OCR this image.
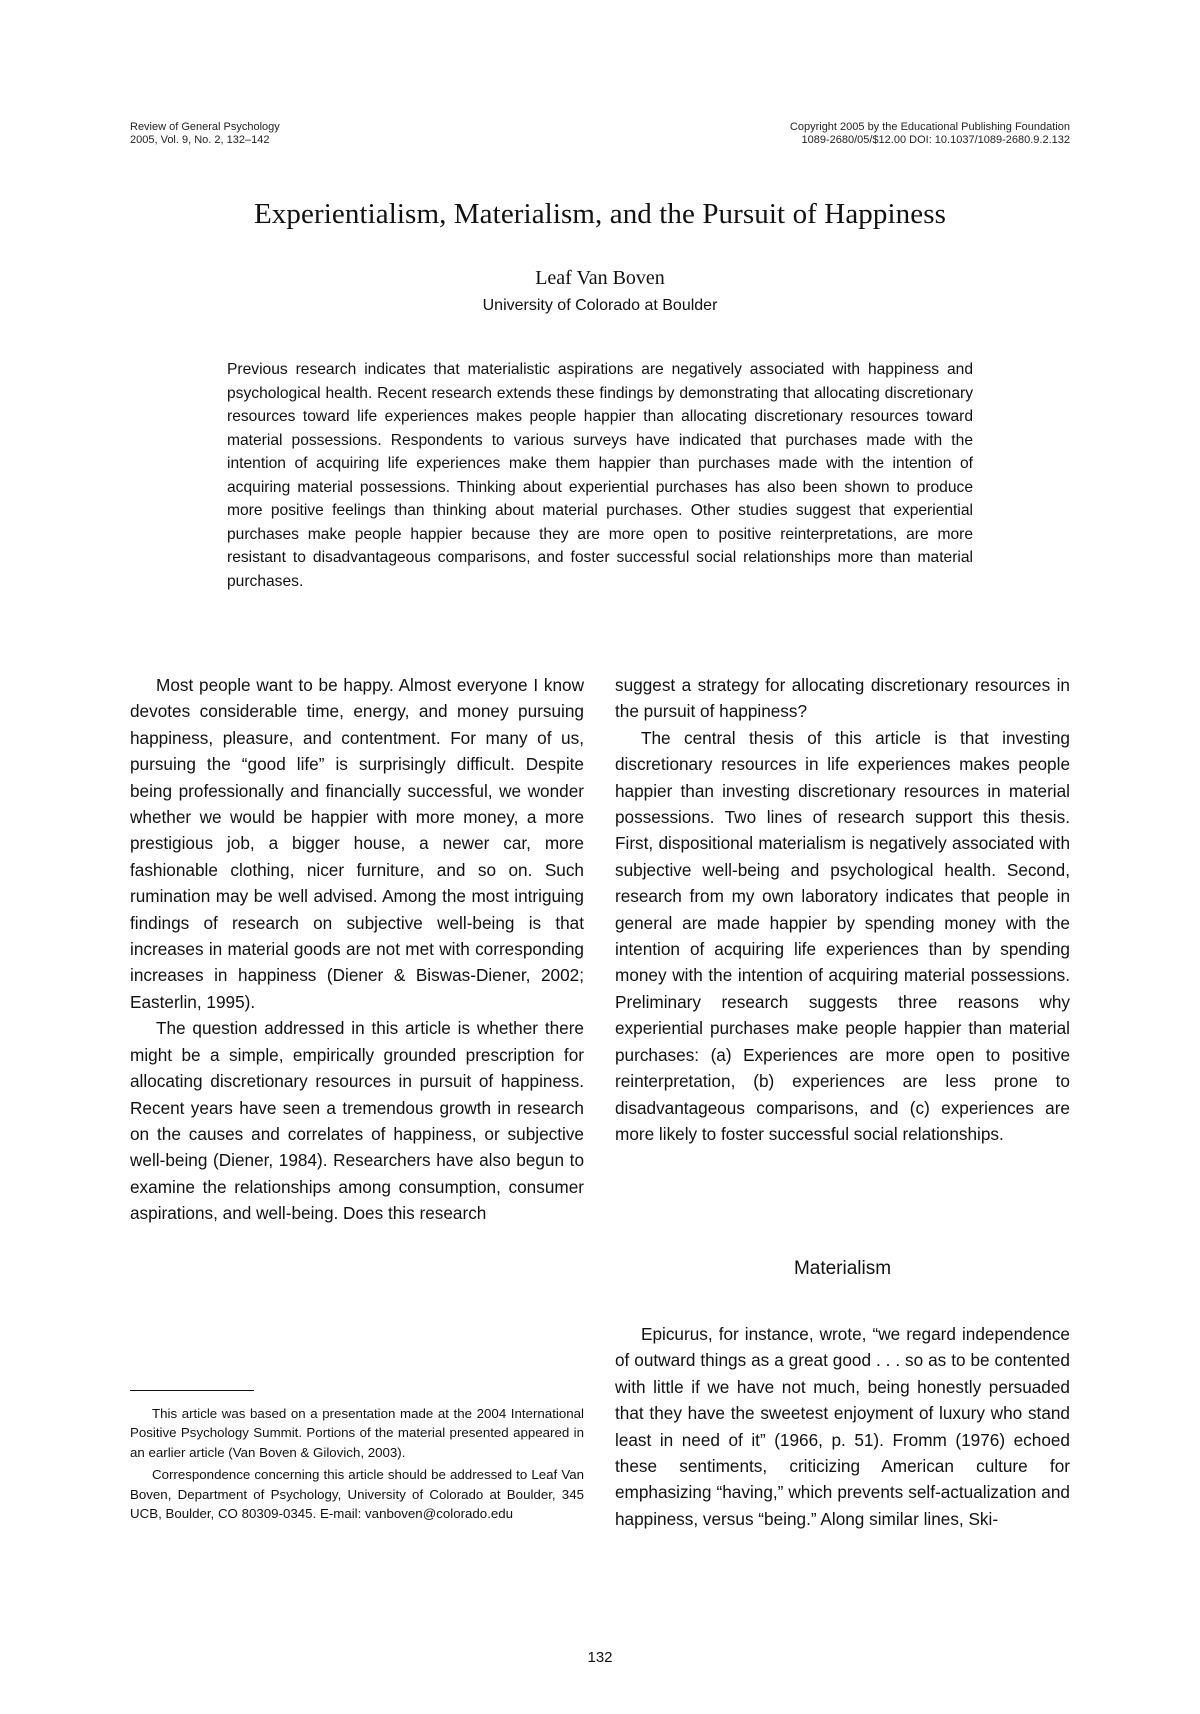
Review of General Psychology
2005, Vol. 9, No. 2, 132–142
Copyright 2005 by the Educational Publishing Foundation
1089-2680/05/$12.00 DOI: 10.1037/1089-2680.9.2.132
Experientialism, Materialism, and the Pursuit of Happiness
Leaf Van Boven
University of Colorado at Boulder
Previous research indicates that materialistic aspirations are negatively associated with happiness and psychological health. Recent research extends these findings by demonstrating that allocating discretionary resources toward life experiences makes people happier than allocating discretionary resources toward material possessions. Respondents to various surveys have indicated that purchases made with the intention of acquiring life experiences make them happier than purchases made with the intention of acquiring material possessions. Thinking about experiential purchases has also been shown to produce more positive feelings than thinking about material purchases. Other studies suggest that experiential purchases make people happier because they are more open to positive reinterpretations, are more resistant to disadvantageous comparisons, and foster successful social relationships more than material purchases.

Most people want to be happy. Almost everyone I know devotes considerable time, energy, and money pursuing happiness, pleasure, and contentment. For many of us, pursuing the “good life” is surprisingly difficult. Despite being professionally and financially successful, we wonder whether we would be happier with more money, a more prestigious job, a bigger house, a newer car, more fashionable clothing, nicer furniture, and so on. Such rumination may be well advised. Among the most intriguing findings of research on subjective well-being is that increases in material goods are not met with corresponding increases in happiness (Diener & Biswas-Diener, 2002; Easterlin, 1995).

The question addressed in this article is whether there might be a simple, empirically grounded prescription for allocating discretionary resources in pursuit of happiness. Recent years have seen a tremendous growth in research on the causes and correlates of happiness, or subjective well-being (Diener, 1984). Researchers have also begun to examine the relationships among consumption, consumer aspirations, and well-being. Does this research

suggest a strategy for allocating discretionary resources in the pursuit of happiness?

The central thesis of this article is that investing discretionary resources in life experiences makes people happier than investing discretionary resources in material possessions. Two lines of research support this thesis. First, dispositional materialism is negatively associated with subjective well-being and psychological health. Second, research from my own laboratory indicates that people in general are made happier by spending money with the intention of acquiring life experiences than by spending money with the intention of acquiring material possessions. Preliminary research suggests three reasons why experiential purchases make people happier than material purchases: (a) Experiences are more open to positive reinterpretation, (b) experiences are less prone to disadvantageous comparisons, and (c) experiences are more likely to foster successful social relationships.

Materialism

Epicurus, for instance, wrote, “we regard independence of outward things as a great good . . . so as to be contented with little if we have not much, being honestly persuaded that they have the sweetest enjoyment of luxury who stand least in need of it” (1966, p. 51). Fromm (1976) echoed these sentiments, criticizing American culture for emphasizing “having,” which prevents self-actualization and happiness, versus “being.” Along similar lines, Ski-

This article was based on a presentation made at the 2004 International Positive Psychology Summit. Portions of the material presented appeared in an earlier article (Van Boven & Gilovich, 2003).

Correspondence concerning this article should be addressed to Leaf Van Boven, Department of Psychology, University of Colorado at Boulder, 345 UCB, Boulder, CO 80309-0345. E-mail: vanboven@colorado.edu

132
